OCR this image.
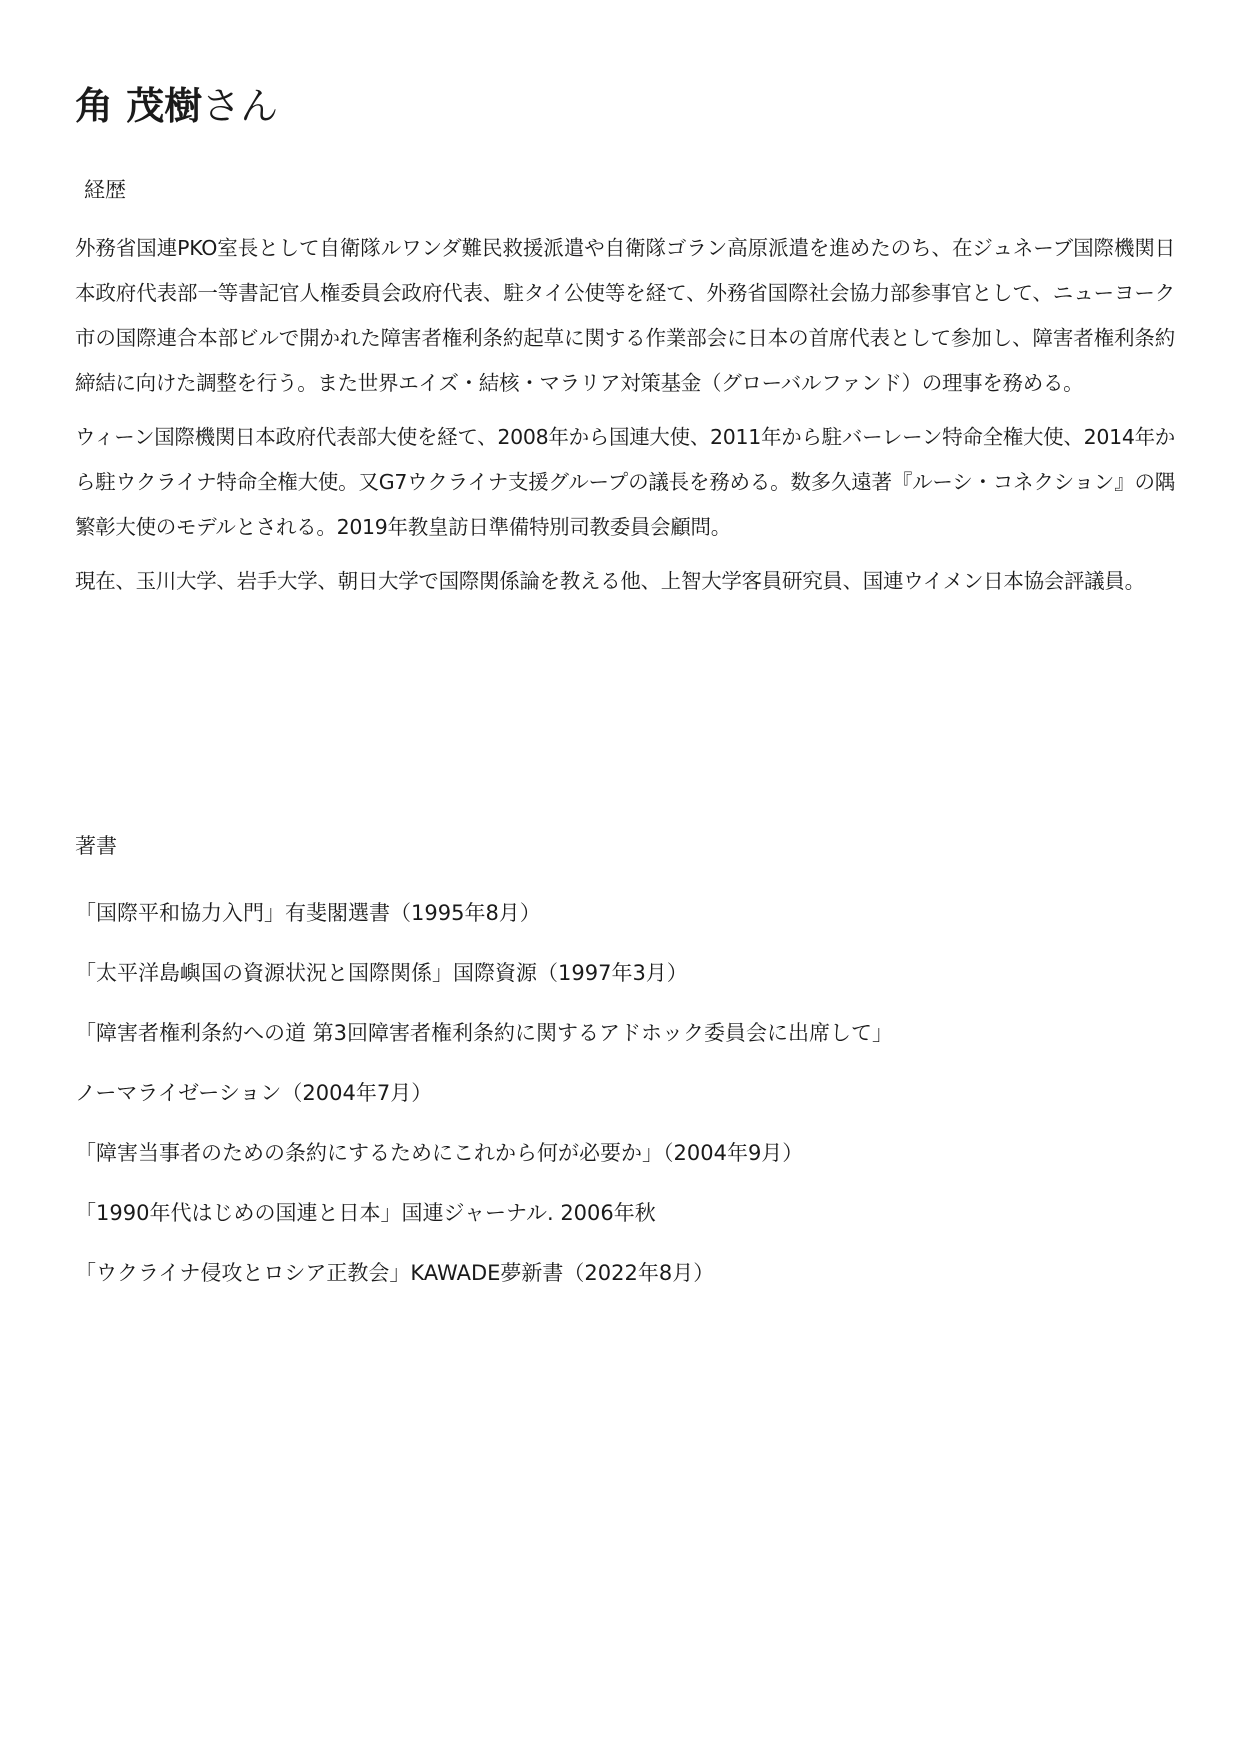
角 茂樹さん
経歴

外務省国連PKO室長として自衛隊ルワンダ難民救援派遣や自衛隊ゴラン高原派遣を進めたのち、在ジュネーブ国際機関日本政府代表部一等書記官人権委員会政府代表、駐タイ公使等を経て、外務省国際社会協力部参事官として、ニューヨーク市の国際連合本部ビルで開かれた障害者権利条約起草に関する作業部会に日本の首席代表として参加し、障害者権利条約締結に向けた調整を行う。また世界エイズ・結核・マラリア対策基金（グローバルファンド）の理事を務める。

ウィーン国際機関日本政府代表部大使を経て、2008年から国連大使、2011年から駐バーレーン特命全権大使、2014年から駐ウクライナ特命全権大使。又G7ウクライナ支援グループの議長を務める。数多久遠著『ルーシ・コネクション』の隅繁彰大使のモデルとされる。2019年教皇訪日準備特別司教委員会顧問。

現在、玉川大学、岩手大学、朝日大学で国際関係論を教える他、上智大学客員研究員、国連ウイメン日本協会評議員。

著書
「国際平和協力入門」有斐閣選書（1995年8月）
「太平洋島嶼国の資源状況と国際関係」国際資源（1997年3月）
「障害者権利条約への道 第3回障害者権利条約に関するアドホック委員会に出席して」
ノーマライゼーション（2004年7月）
「障害当事者のための条約にするためにこれから何が必要か」（2004年9月）
「1990年代はじめの国連と日本」国連ジャーナル. 2006年秋
「ウクライナ侵攻とロシア正教会」KAWADE夢新書（2022年8月）
